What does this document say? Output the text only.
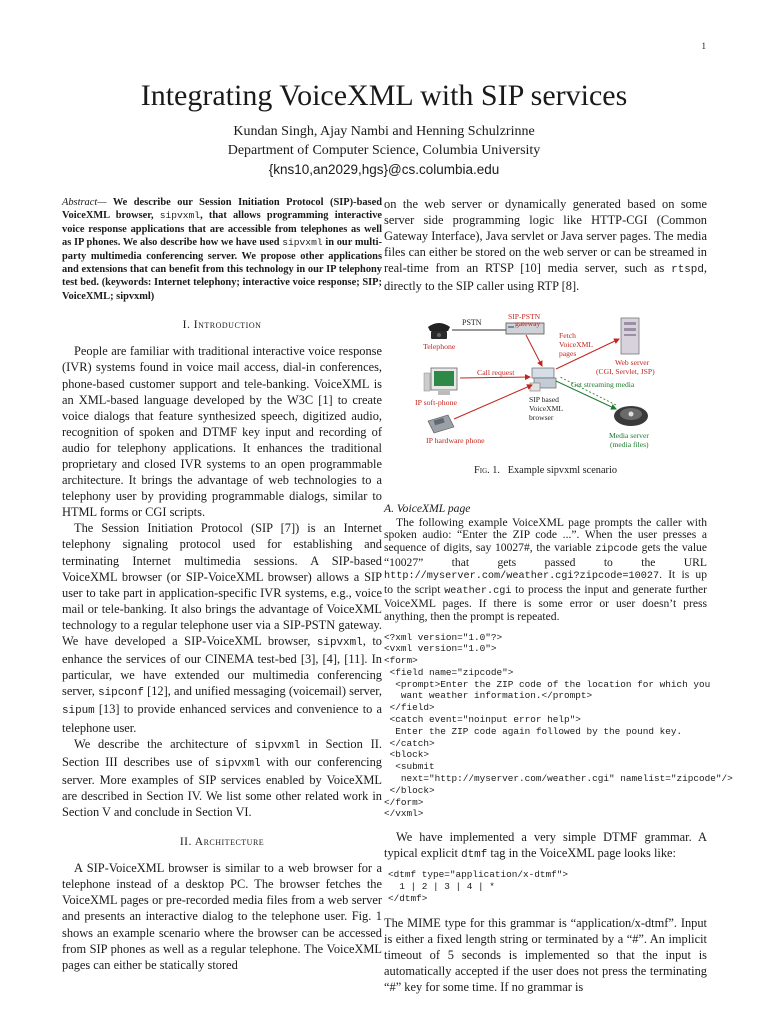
1
Integrating VoiceXML with SIP services
Kundan Singh, Ajay Nambi and Henning Schulzrinne
Department of Computer Science, Columbia University
{kns10,an2029,hgs}@cs.columbia.edu

Abstract— We describe our Session Initiation Protocol (SIP)-based VoiceXML browser, sipvxml, that allows programming interactive voice response applications that are accessible from telephones as well as IP phones. We also describe how we have used sipvxml in our multi-party multimedia conferencing server. We propose other applications and extensions that can benefit from this technology in our IP telephony test bed. (keywords: Internet telephony; interactive voice response; SIP; VoiceXML; sipvxml)

I. Introduction

People are familiar with traditional interactive voice response (IVR) systems found in voice mail access, dial-in conferences, phone-based customer support and tele-banking. VoiceXML is an XML-based language developed by the W3C [1] to create voice dialogs that feature synthesized speech, digitized audio, recognition of spoken and DTMF key input and recording of audio for telephony applications. It enhances the traditional proprietary and closed IVR systems to an open programmable architecture. It brings the advantage of web technologies to a telephony user by providing programmable dialogs, similar to HTML forms or CGI scripts.

The Session Initiation Protocol (SIP [7]) is an Internet telephony signaling protocol used for establishing and terminating Internet multimedia sessions. A SIP-based VoiceXML browser (or SIP-VoiceXML browser) allows a SIP user to take part in application-specific IVR systems, e.g., voice mail or tele-banking. It also brings the advantage of VoiceXML technology to a regular telephone user via a SIP-PSTN gateway. We have developed a SIP-VoiceXML browser, sipvxml, to enhance the services of our CINEMA test-bed [3], [4], [11]. In particular, we have extended our multimedia conferencing server, sipconf [12], and unified messaging (voicemail) server, sipum [13] to provide enhanced services and convenience to a telephone user.

We describe the architecture of sipvxml in Section II. Section III describes use of sipvxml with our conferencing server. More examples of SIP services enabled by VoiceXML are described in Section IV. We list some other related work in Section V and conclude in Section VI.

II. Architecture

A SIP-VoiceXML browser is similar to a web browser for a telephone instead of a desktop PC. The browser fetches the VoiceXML pages or pre-recorded media files from a web server and presents an interactive dialog to the telephone user. Fig. 1 shows an example scenario where the browser can be accessed from SIP phones as well as a regular telephone. The VoiceXML pages can either be statically stored

on the web server or dynamically generated based on some server side programming logic like HTTP-CGI (Common Gateway Interface), Java servlet or Java server pages. The media files can either be stored on the web server or can be streamed in real-time from an RTSP [10] media server, such as rtspd, directly to the SIP caller using RTP [8].

PSTN
SIP-PSTN
gateway
Telephone
Fetch
VoiceXML
pages
Web server
(CGI, Servlet, JSP)
Call request
IP soft-phone
Get streaming media
SIP based
VoiceXML
browser
IP hardware phone
Media server
(media files)

Fig. 1. Example sipvxml scenario

A. VoiceXML page

The following example VoiceXML page prompts the caller with spoken audio: “Enter the ZIP code ...”. When the user presses a sequence of digits, say 10027#, the variable zipcode gets the value “10027” that gets passed to the URL http://myserver.com/weather.cgi?zipcode=10027. It is up to the script weather.cgi to process the input and generate further VoiceXML pages. If there is some error or user doesn’t press anything, then the prompt is repeated.

<?xml version="1.0"?>
<vxml version="1.0">
<form>
<field name="zipcode">
<prompt>Enter the ZIP code of the location for which you
want weather information.</prompt>
</field>
<catch event="noinput error help">
Enter the ZIP code again followed by the pound key.
</catch>
<block>
<submit
next="http://myserver.com/weather.cgi" namelist="zipcode"/>
</block>
</form>
</vxml>

We have implemented a very simple DTMF grammar. A typical explicit dtmf tag in the VoiceXML page looks like:

<dtmf type="application/x-dtmf">
1 | 2 | 3 | 4 | *
</dtmf>

The MIME type for this grammar is “application/x-dtmf”. Input is either a fixed length string or terminated by a “#”. An implicit timeout of 5 seconds is implemented so that the input is automatically accepted if the user does not press the terminating “#” key for some time. If no grammar is
